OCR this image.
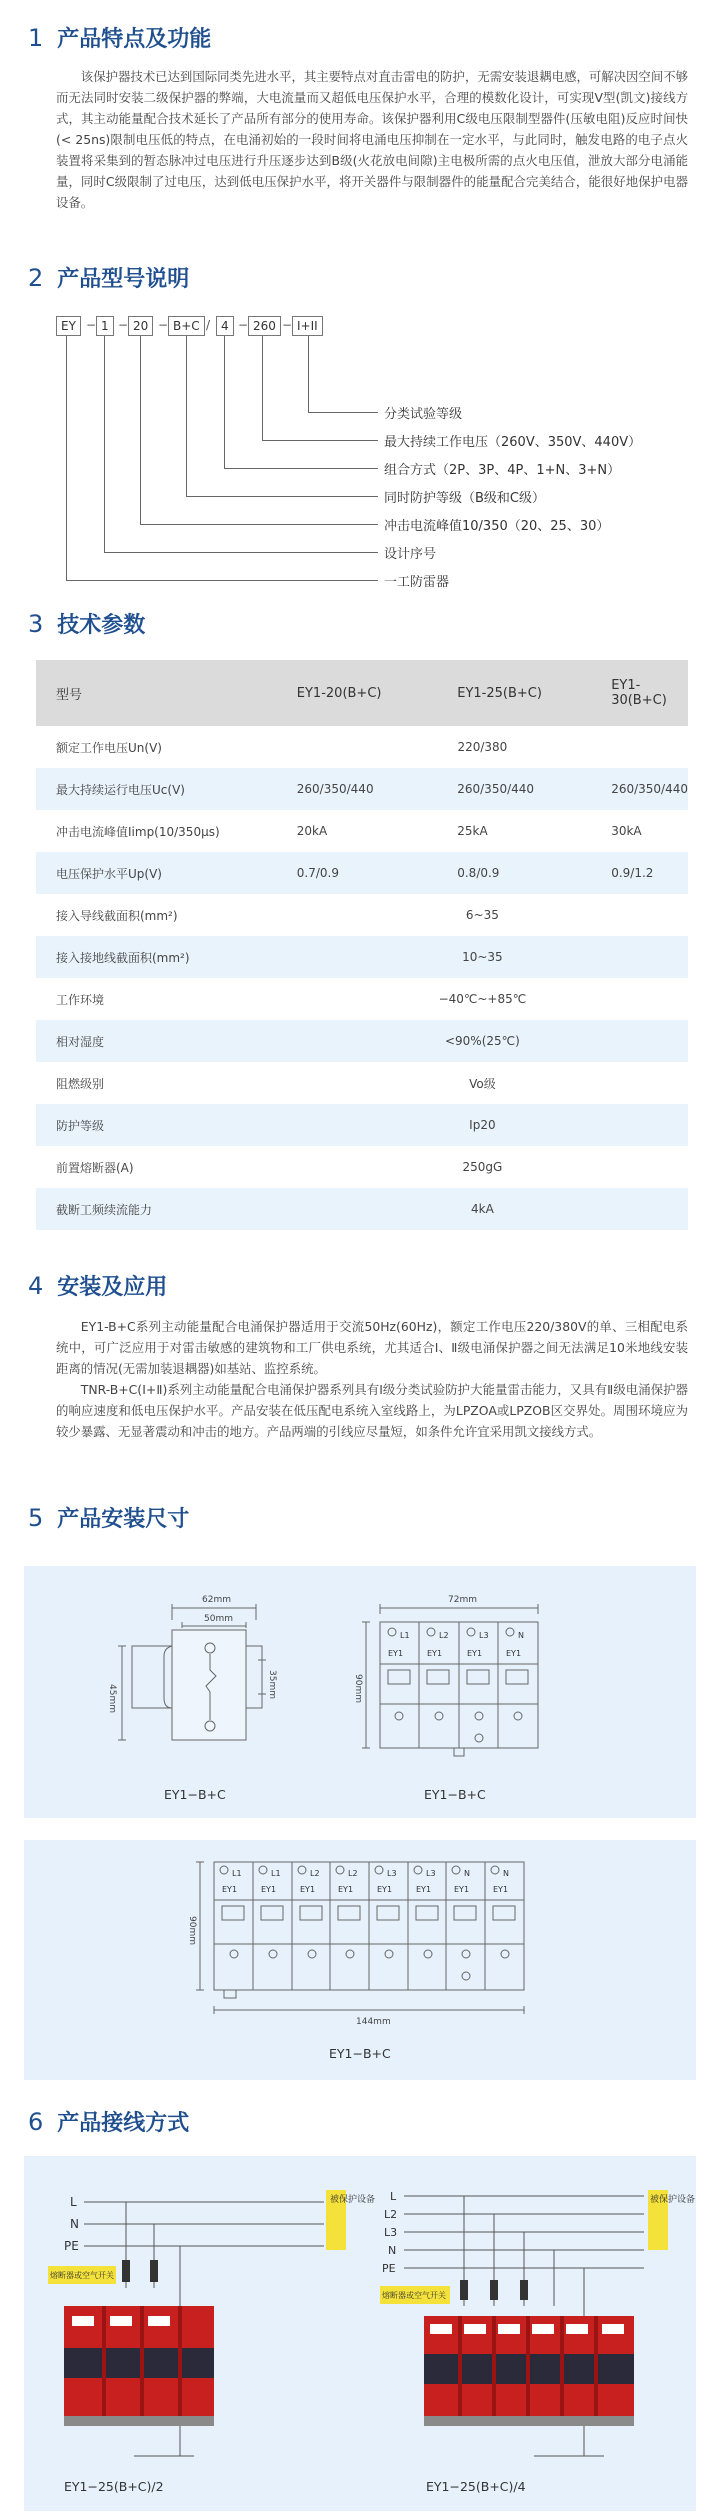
1 产品特点及功能

该保护器技术已达到国际同类先进水平，其主要特点对直击雷电的防护，无需安装退耦电感，可解决因空间不够而无法同时安装二级保护器的弊端，大电流量而又超低电压保护水平，合理的模数化设计，可实现V型(凯文)接线方式，其主动能量配合技术延长了产品所有部分的使用寿命。该保护器利用C级电压限制型器件(压敏电阻)反应时间快(< 25ns)限制电压低的特点，在电涌初始的一段时间将电涌电压抑制在一定水平，与此同时，触发电路的电子点火装置将采集到的暂态脉冲过电压进行升压逐步达到B级(火花放电间隙)主电极所需的点火电压值，泄放大部分电涌能量，同时C级限制了过电压，达到低电压保护水平，将开关器件与限制器件的能量配合完美结合，能很好地保护电器设备。

2 产品型号说明
EY − 1 − 20 − B+C / 4 − 260 − I+II
分类试验等级
最大持续工作电压（260V、350V、440V）
组合方式（2P、3P、4P、1+N、3+N）
同时防护等级（B级和C级）
冲击电流峰值10/350（20、25、30）
设计序号
一工防雷器
3 技术参数
型号	EY1-20(B+C)	EY1-25(B+C)	EY1-30(B+C)
额定工作电压Un(V)	220/380		
最大持续运行电压Uc(V)	260/350/440	260/350/440	260/350/440
冲击电流峰值Iimp(10/350μs)	20kA	25kA	30kA
电压保护水平Up(V)	0.7/0.9	0.8/0.9	0.9/1.2
接入导线截面积(mm²)	6~35		
接入接地线截面积(mm²)	10~35		
工作环境	−40℃~+85℃		
相对湿度	<90%(25℃)		
阻燃级别	Vo级		
防护等级	Ip20		
前置熔断器(A)	250gG		
截断工频续流能力	4kA		
4 安装及应用

EY1-B+C系列主动能量配合电涌保护器适用于交流50Hz(60Hz)，额定工作电压220/380V的单、三相配电系统中，可广泛应用于对雷击敏感的建筑物和工厂供电系统，尤其适合Ⅰ、Ⅱ级电涌保护器之间无法满足10米地线安装距离的情况(无需加装退耦器)如基站、监控系统。

TNR-B+C(Ⅰ+Ⅱ)系列主动能量配合电涌保护器系列具有Ⅰ级分类试验防护大能量雷击能力，又具有Ⅱ级电涌保护器的响应速度和低电压保护水平。产品安装在低压配电系统入室线路上，为LPZOA或LPZOB区交界处。周围环境应为较少暴露、无显著震动和冲击的地方。产品两端的引线应尽量短，如条件允许宜采用凯文接线方式。

5 产品安装尺寸
62mm
50mm
45mm	35mm
EY1−B+C
72mm
90mm
L1	L2	L3	N
EY1	EY1	EY1	EY1
EY1−B+C
144mm
90mm
L1	L1	L2	L2	L3	L3	N	N
EY1	EY1	EY1	EY1	EY1	EY1	EY1	EY1
EY1−B+C
6 产品接线方式
L
N
PE
被保护设备
熔断器或空气开关
EY1−25(B+C)/2
L
L2
L3
N
PE
被保护设备
熔断器或空气开关
EY1−25(B+C)/4
